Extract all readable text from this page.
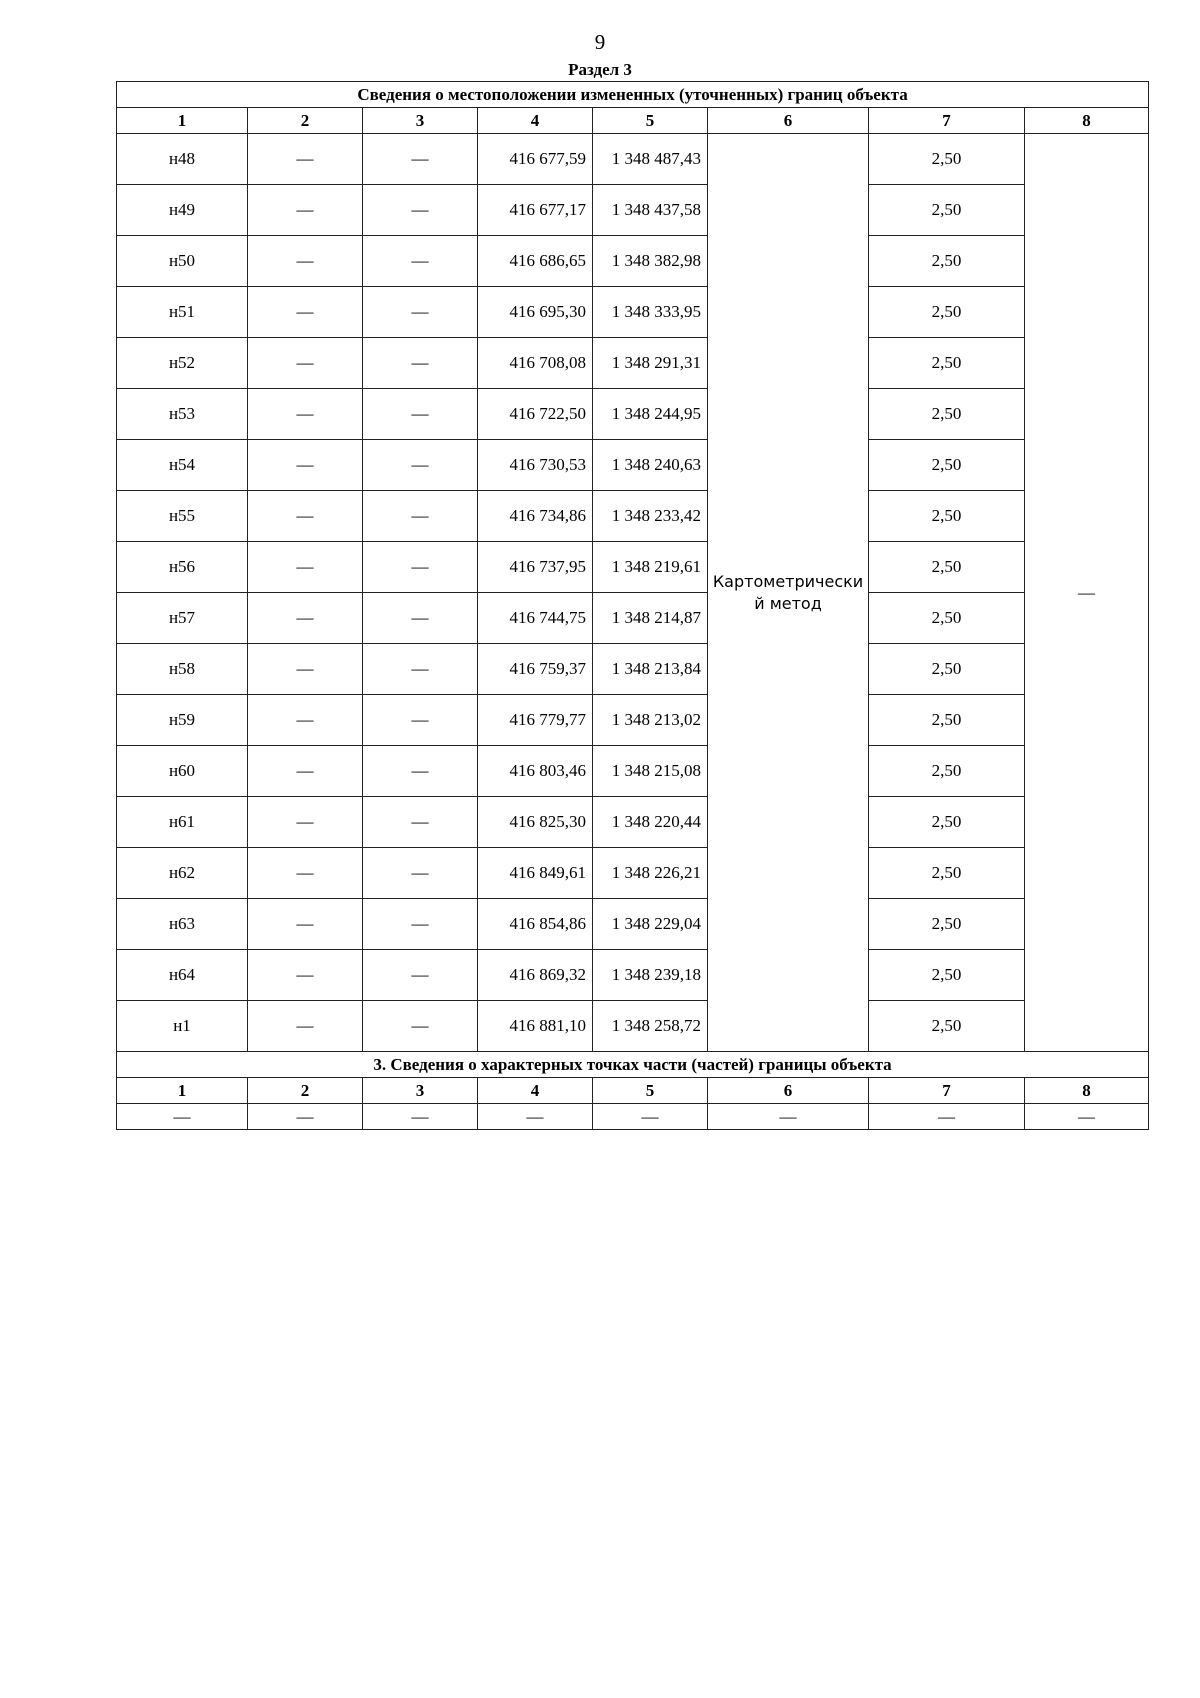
9
Раздел 3
Сведения о местоположении измененных (уточненных) границ объекта							
1	2	3	4	5	6	7	8
н48	—	—	416 677,59	1 348 487,43	Картометрический метод	2,50	—
н49	—	—	416 677,17	1 348 437,58		2,50	
н50	—	—	416 686,65	1 348 382,98		2,50	
н51	—	—	416 695,30	1 348 333,95		2,50	
н52	—	—	416 708,08	1 348 291,31		2,50	
н53	—	—	416 722,50	1 348 244,95		2,50	
н54	—	—	416 730,53	1 348 240,63		2,50	
н55	—	—	416 734,86	1 348 233,42		2,50	
н56	—	—	416 737,95	1 348 219,61		2,50	
н57	—	—	416 744,75	1 348 214,87		2,50	
н58	—	—	416 759,37	1 348 213,84		2,50	
н59	—	—	416 779,77	1 348 213,02		2,50	
н60	—	—	416 803,46	1 348 215,08		2,50	
н61	—	—	416 825,30	1 348 220,44		2,50	
н62	—	—	416 849,61	1 348 226,21		2,50	
н63	—	—	416 854,86	1 348 229,04		2,50	
н64	—	—	416 869,32	1 348 239,18		2,50	
н1	—	—	416 881,10	1 348 258,72		2,50	
3. Сведения о характерных точках части (частей) границы объекта							
1	2	3	4	5	6	7	8
—	—	—	—	—	—	—	—
